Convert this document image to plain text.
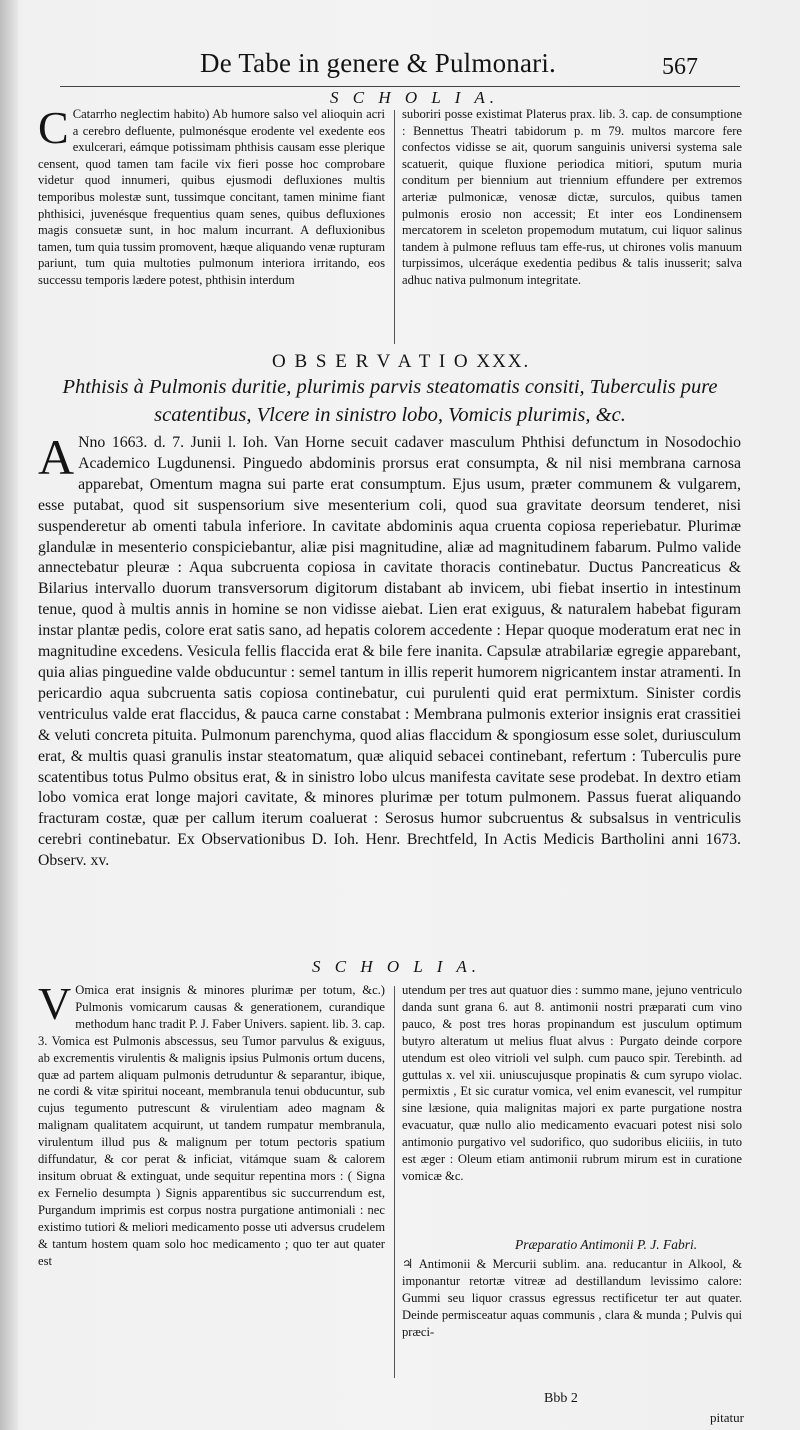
De Tabe in genere & Pulmonari.	567
S C H O L I A.
C Catarrho neglectim habito) Ab humore salso vel alioquin acri a cerebro defluente, pulmonésque erodente vel exedente eos exulcerari, eámque potissimam phthisis causam esse plerique censent, quod tamen tam facile vix fieri posse hoc comprobare videtur quod innumeri, quibus ejusmodi defluxiones multis temporibus molestæ sunt, tussimque concitant, tamen minime fiant phthisici, juvenésque frequentius quam senes, quibus defluxiones magis consuetæ sunt, in hoc malum incurrant. A defluxionibus tamen, tum quia tussim promovent, hæque aliquando venæ rupturam pariunt, tum quia multoties pulmonum interiora irritando, eos successu temporis lædere potest, phthisin interdum

suboriri posse existimat Platerus prax. lib. 3. cap. de consumptione : Bennettus Theatri tabidorum p. m 79. multos marcore fere confectos vidisse se ait, quorum sanguinis universi systema sale scatuerit, quique fluxione periodica mitiori, sputum muria conditum per biennium aut triennium effundere per extremos arteriæ pulmonicæ, venosæ dictæ, surculos, quibus tamen pulmonis erosio non accessit; Et inter eos Londinensem mercatorem in sceleton propemodum mutatum, cui liquor salinus tandem à pulmone refluus tam effe-rus, ut chirones volis manuum turpissimos, ulceráque exedentia pedibus & talis inusserit; salva adhuc nativa pulmonum integritate.

O B S E R V A T I O XXX.
Phthisis à Pulmonis duritie, plurimis parvis steatomatis consiti, Tuberculis pure scatentibus, Vlcere in sinistro lobo, Vomicis plurimis, &c.
A Nno 1663. d. 7. Junii l. Ioh. Van Horne secuit cadaver masculum Phthisi defunctum in Nosodochio Academico Lugdunensi. Pinguedo abdominis prorsus erat consumpta, & nil nisi membrana carnosa apparebat, Omentum magna sui parte erat consumptum. Ejus usum, præter communem & vulgarem, esse putabat, quod sit suspensorium sive mesenterium coli, quod sua gravitate deorsum tenderet, nisi suspenderetur ab omenti tabula inferiore. In cavitate abdominis aqua cruenta copiosa reperiebatur. Plurimæ glandulæ in mesenterio conspiciebantur, aliæ pisi magnitudine, aliæ ad magnitudinem fabarum. Pulmo valide annectebatur pleuræ : Aqua subcruenta copiosa in cavitate thoracis continebatur. Ductus Pancreaticus & Bilarius intervallo duorum transversorum digitorum distabant ab invicem, ubi fiebat insertio in intestinum tenue, quod à multis annis in homine se non vidisse aiebat. Lien erat exiguus, & naturalem habebat figuram instar plantæ pedis, colore erat satis sano, ad hepatis colorem accedente : Hepar quoque moderatum erat nec in magnitudine excedens. Vesicula fellis flaccida erat & bile fere inanita. Capsulæ atrabilariæ egregie apparebant, quia alias pinguedine valde obducuntur : semel tantum in illis reperit humorem nigricantem instar atramenti. In pericardio aqua subcruenta satis copiosa continebatur, cui purulenti quid erat permixtum. Sinister cordis ventriculus valde erat flaccidus, & pauca carne constabat : Membrana pulmonis exterior insignis erat crassitiei & veluti concreta pituita. Pulmonum parenchyma, quod alias flaccidum & spongiosum esse solet, duriusculum erat, & multis quasi granulis instar steatomatum, quæ aliquid sebacei continebant, refertum : Tuberculis pure scatentibus totus Pulmo obsitus erat, & in sinistro lobo ulcus manifesta cavitate sese prodebat. In dextro etiam lobo vomica erat longe majori cavitate, & minores plurimæ per totum pulmonem. Passus fuerat aliquando fracturam costæ, quæ per callum iterum coaluerat : Serosus humor subcruentus & subsalsus in ventriculis cerebri continebatur. Ex Observationibus D. Ioh. Henr. Brechtfeld, In Actis Medicis Bartholini anni 1673. Observ. xv.

S C H O L I A.
V Omica erat insignis & minores plurimæ per totum, &c.) Pulmonis vomicarum causas & generationem, curandique methodum hanc tradit P. J. Faber Univers. sapient. lib. 3. cap. 3. Vomica est Pulmonis abscessus, seu Tumor parvulus & exiguus, ab excrementis virulentis & malignis ipsius Pulmonis ortum ducens, quæ ad partem aliquam pulmonis detruduntur & separantur, ibique, ne cordi & vitæ spiritui noceant, membranula tenui obducuntur, sub cujus tegumento putrescunt & virulentiam adeo magnam & malignam qualitatem acquirunt, ut tandem rumpatur membranula, virulentum illud pus & malignum per totum pectoris spatium diffundatur, & cor perat & inficiat, vitámque suam & calorem insitum obruat & extinguat, unde sequitur repentina mors : ( Signa ex Fernelio desumpta ) Signis apparentibus sic succurrendum est, Purgandum imprimis est corpus nostra purgatione antimoniali : nec existimo tutiori & meliori medicamento posse uti adversus crudelem & tantum hostem quam solo hoc medicamento ; quo ter aut quater est

utendum per tres aut quatuor dies : summo mane, jejuno ventriculo danda sunt grana 6. aut 8. antimonii nostri præparati cum vino pauco, & post tres horas propinandum est jusculum optimum butyro alteratum ut melius fluat alvus : Purgato deinde corpore utendum est oleo vitrioli vel sulph. cum pauco spir. Terebinth. ad guttulas x. vel xii. uniuscujusque propinatis & cum syrupo violac. permixtis , Et sic curatur vomica, vel enim evanescit, vel rumpitur sine læsione, quia malignitas majori ex parte purgatione nostra evacuatur, quæ nullo alio medicamento evacuari potest nisi solo antimonio purgativo vel sudorifico, quo sudoribus eliciiis, in tuto est æger : Oleum etiam antimonii rubrum mirum est in curatione vomicæ &c.

Præparatio Antimonii P. J. Fabri.

♃ Antimonii & Mercurii sublim. ana. reducantur in Alkool, & imponantur retortæ vitreæ ad destillandum levissimo calore: Gummi seu liquor crassus egressus rectificetur ter aut quater. Deinde permisceatur aquas communis , clara & munda ; Pulvis qui præci-

Bbb 2
pitatur
